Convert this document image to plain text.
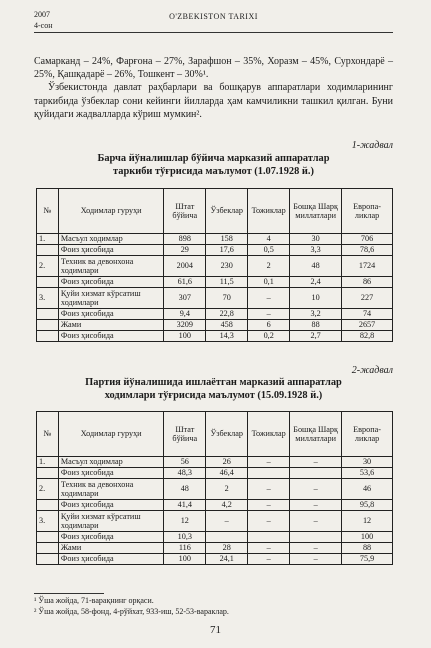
2007
4-сон
O'ZBEKISTON TARIXI

Самарканд – 24%, Фарғона – 27%, Зарафшон – 35%, Хоразм – 45%, Сурхондарё – 25%, Қашқадарё – 26%, Тошкент – 30%¹.

Ўзбекистонда давлат раҳбарлари ва бошқарув аппаратлари ходимларининг таркибида ўзбеклар сони кейинги йилларда ҳам камчиликни ташкил қилган. Буни қуйидаги жадвалларда кўриш мумкин².

1-жадвал
Барча йўналишлар бўйича марказий аппаратлар
таркиби тўғрисида маълумот (1.07.1928 й.)
№	Ходимлар гуруҳи	Штат бўйича	Ўзбеклар	Тожиклар	Бошқа Шарқ миллатлари	Европа-ликлар
1.	Масъул ходимлар	898	158	4	30	706
	Фоиз ҳисобида	29	17,6	0,5	3,3	78,6
2.	Техник ва девонхона ходимлари	2004	230	2	48	1724
	Фоиз ҳисобида	61,6	11,5	0,1	2,4	86
3.	Қуйи хизмат кўрсатиш ходимлари	307	70	–	10	227
	Фоиз ҳисобида	9,4	22,8	–	3,2	74
	Жами	3209	458	6	88	2657
	Фоиз ҳисобида	100	14,3	0,2	2,7	82,8
2-жадвал
Партия йўналишида ишлаётган марказий аппаратлар
ходимлари тўғрисида маълумот (15.09.1928 й.)
№	Ходимлар гуруҳи	Штат бўйича	Ўзбеклар	Тожиклар	Бошқа Шарқ миллатлари	Европа-ликлар
1.	Масъул ходимлар	56	26	–	–	30
	Фоиз ҳисобида	48,3	46,4			53,6
2.	Техник ва девонхона ходимлари	48	2	–	–	46
	Фоиз ҳисобида	41,4	4,2	–	–	95,8
3.	Қуйи хизмат кўрсатиш ходимлари	12	–	–	–	12
	Фоиз ҳисобида	10,3				100
	Жами	116	28	–	–	88
	Фоиз ҳисобида	100	24,1	–	–	75,9
¹ Ўша жойда, 71-варақнинг орқаси.
² Ўша жойда, 58-фонд, 4-рўйхат, 933-иш, 52-53-вараклар.
71
